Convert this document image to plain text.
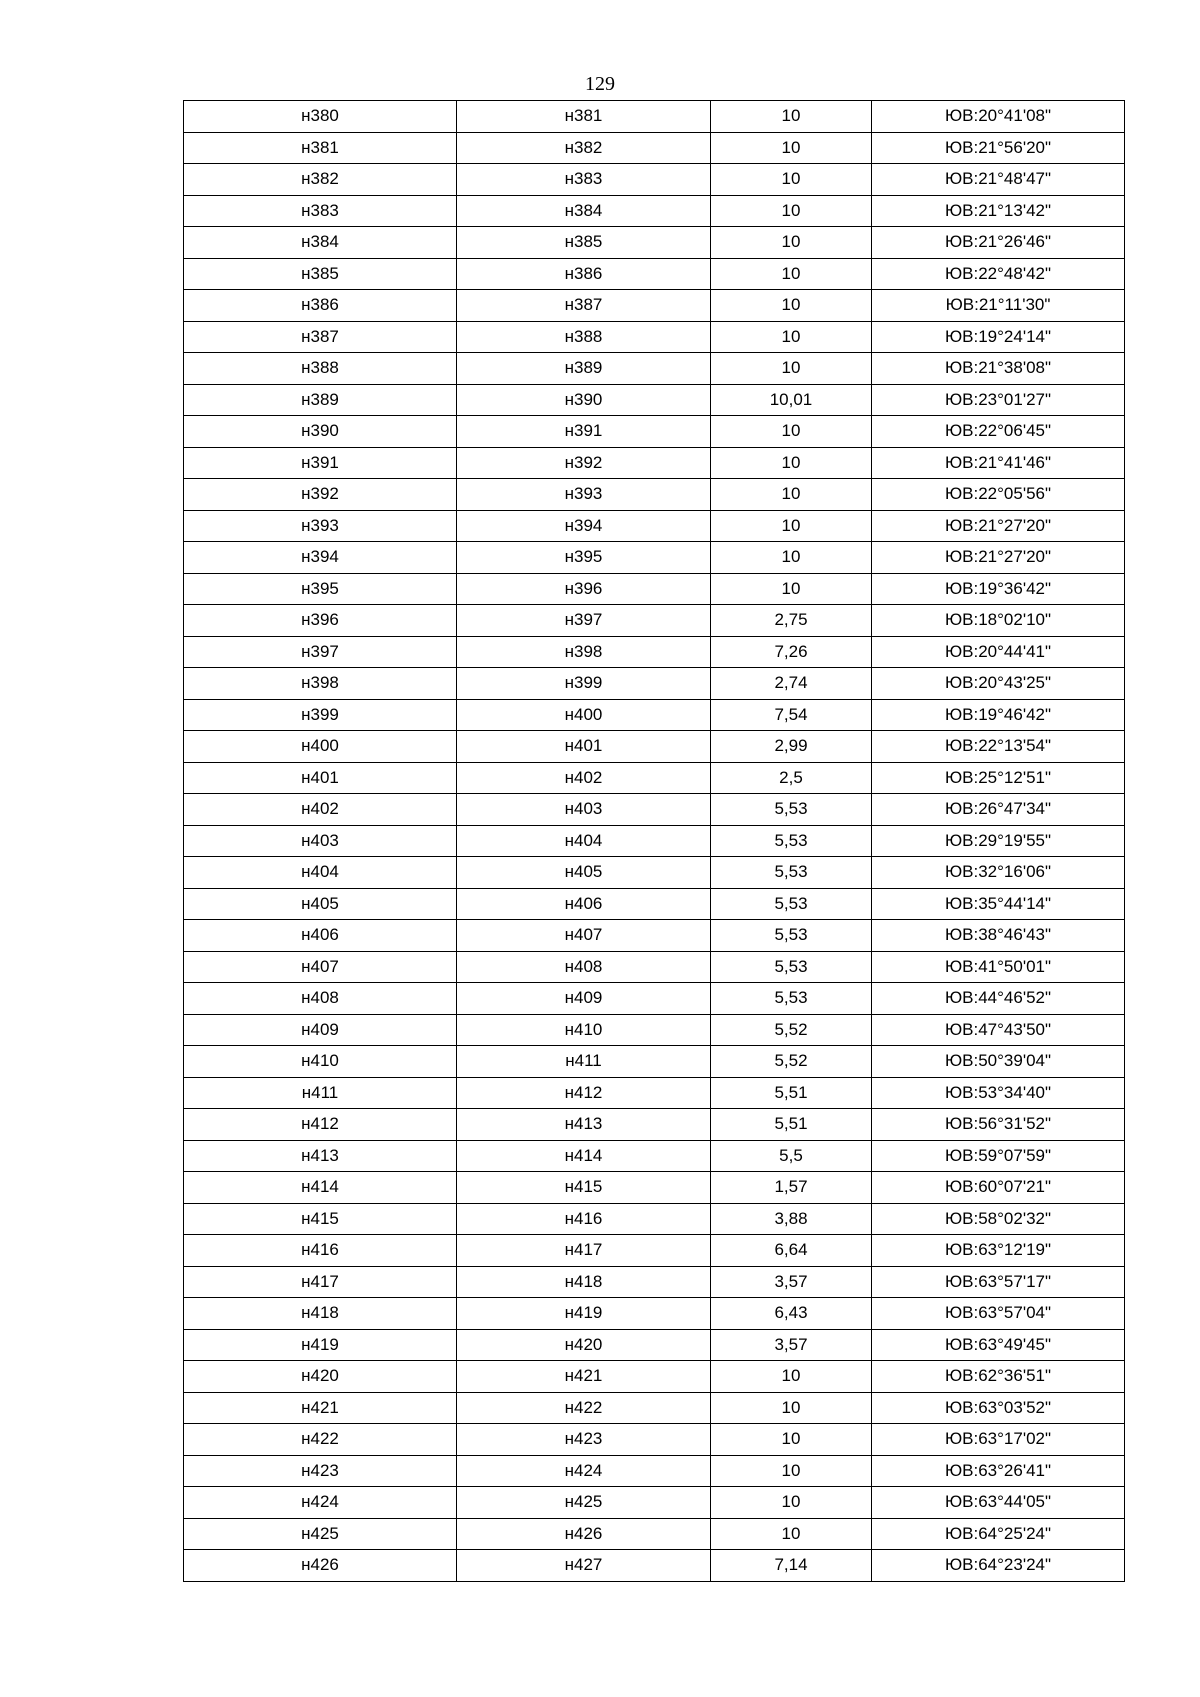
129
н380	н381	10	ЮВ:20°41'08"
н381	н382	10	ЮВ:21°56'20"
н382	н383	10	ЮВ:21°48'47"
н383	н384	10	ЮВ:21°13'42"
н384	н385	10	ЮВ:21°26'46"
н385	н386	10	ЮВ:22°48'42"
н386	н387	10	ЮВ:21°11'30"
н387	н388	10	ЮВ:19°24'14"
н388	н389	10	ЮВ:21°38'08"
н389	н390	10,01	ЮВ:23°01'27"
н390	н391	10	ЮВ:22°06'45"
н391	н392	10	ЮВ:21°41'46"
н392	н393	10	ЮВ:22°05'56"
н393	н394	10	ЮВ:21°27'20"
н394	н395	10	ЮВ:21°27'20"
н395	н396	10	ЮВ:19°36'42"
н396	н397	2,75	ЮВ:18°02'10"
н397	н398	7,26	ЮВ:20°44'41"
н398	н399	2,74	ЮВ:20°43'25"
н399	н400	7,54	ЮВ:19°46'42"
н400	н401	2,99	ЮВ:22°13'54"
н401	н402	2,5	ЮВ:25°12'51"
н402	н403	5,53	ЮВ:26°47'34"
н403	н404	5,53	ЮВ:29°19'55"
н404	н405	5,53	ЮВ:32°16'06"
н405	н406	5,53	ЮВ:35°44'14"
н406	н407	5,53	ЮВ:38°46'43"
н407	н408	5,53	ЮВ:41°50'01"
н408	н409	5,53	ЮВ:44°46'52"
н409	н410	5,52	ЮВ:47°43'50"
н410	н411	5,52	ЮВ:50°39'04"
н411	н412	5,51	ЮВ:53°34'40"
н412	н413	5,51	ЮВ:56°31'52"
н413	н414	5,5	ЮВ:59°07'59"
н414	н415	1,57	ЮВ:60°07'21"
н415	н416	3,88	ЮВ:58°02'32"
н416	н417	6,64	ЮВ:63°12'19"
н417	н418	3,57	ЮВ:63°57'17"
н418	н419	6,43	ЮВ:63°57'04"
н419	н420	3,57	ЮВ:63°49'45"
н420	н421	10	ЮВ:62°36'51"
н421	н422	10	ЮВ:63°03'52"
н422	н423	10	ЮВ:63°17'02"
н423	н424	10	ЮВ:63°26'41"
н424	н425	10	ЮВ:63°44'05"
н425	н426	10	ЮВ:64°25'24"
н426	н427	7,14	ЮВ:64°23'24"
